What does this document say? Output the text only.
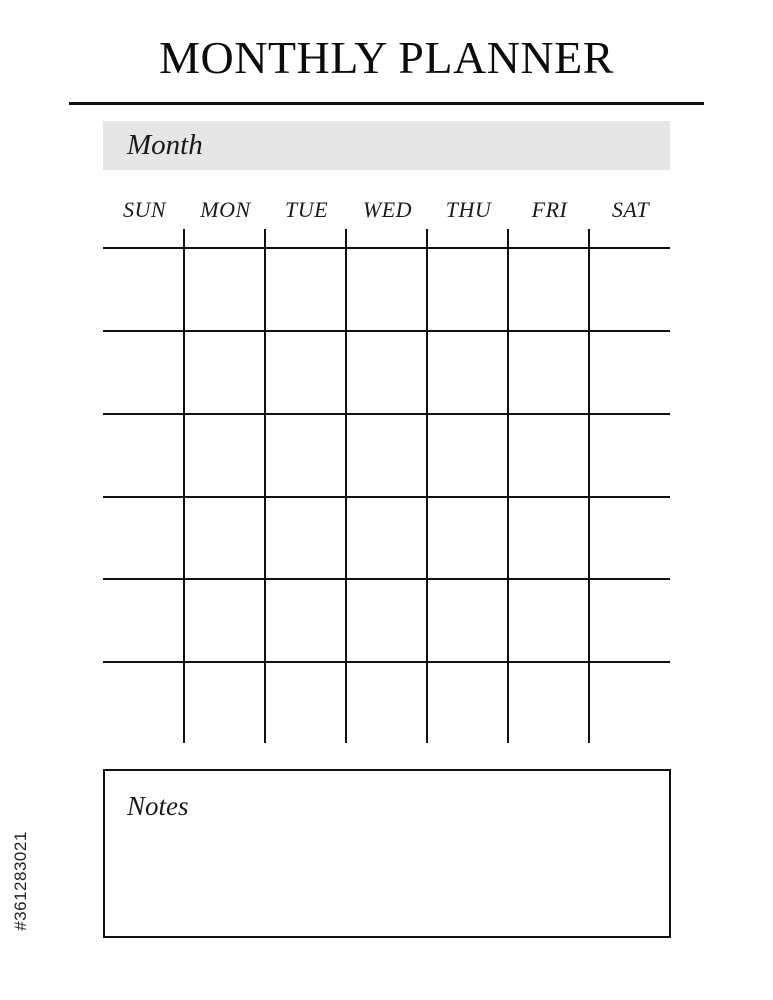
MONTHLY PLANNER
Month
SUN	MON	TUE	WED	THU	FRI	SAT
Notes
#361283021
